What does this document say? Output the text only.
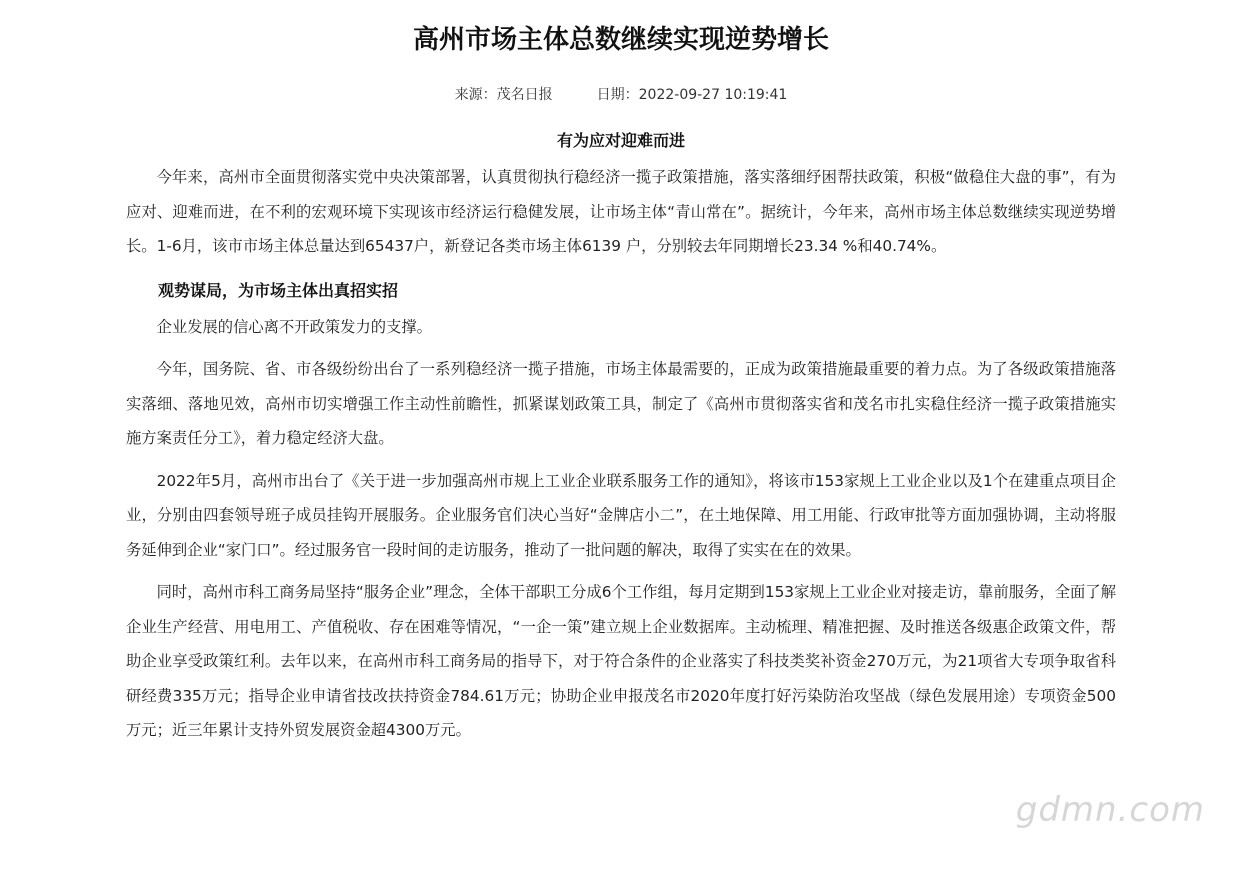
高州市场主体总数继续实现逆势增长
来源：茂名日报	日期：2022-09-27 10:19:41
有为应对迎难而进

今年来，高州市全面贯彻落实党中央决策部署，认真贯彻执行稳经济一揽子政策措施，落实落细纾困帮扶政策，积极“做稳住大盘的事”，有为应对、迎难而进，在不利的宏观环境下实现该市经济运行稳健发展，让市场主体“青山常在”。据统计，今年来，高州市场主体总数继续实现逆势增长。1-6月，该市市场主体总量达到65437户，新登记各类市场主体6139 户，分别较去年同期增长23.34 %和40.74%。

观势谋局，为市场主体出真招实招

企业发展的信心离不开政策发力的支撑。

今年，国务院、省、市各级纷纷出台了一系列稳经济一揽子措施，市场主体最需要的，正成为政策措施最重要的着力点。为了各级政策措施落实落细、落地见效，高州市切实增强工作主动性前瞻性，抓紧谋划政策工具，制定了《高州市贯彻落实省和茂名市扎实稳住经济一揽子政策措施实施方案责任分工》，着力稳定经济大盘。

2022年5月，高州市出台了《关于进一步加强高州市规上工业企业联系服务工作的通知》，将该市153家规上工业企业以及1个在建重点项目企业，分别由四套领导班子成员挂钩开展服务。企业服务官们决心当好“金牌店小二”，在土地保障、用工用能、行政审批等方面加强协调，主动将服务延伸到企业“家门口”。经过服务官一段时间的走访服务，推动了一批问题的解决，取得了实实在在的效果。

同时，高州市科工商务局坚持“服务企业”理念，全体干部职工分成6个工作组，每月定期到153家规上工业企业对接走访，靠前服务，全面了解企业生产经营、用电用工、产值税收、存在困难等情况，“一企一策”建立规上企业数据库。主动梳理、精准把握、及时推送各级惠企政策文件，帮助企业享受政策红利。去年以来，在高州市科工商务局的指导下，对于符合条件的企业落实了科技类奖补资金270万元，为21项省大专项争取省科研经费335万元；指导企业申请省技改扶持资金784.61万元；协助企业申报茂名市2020年度打好污染防治攻坚战（绿色发展用途）专项资金500万元；近三年累计支持外贸发展资金超4300万元。

gdmn.com
